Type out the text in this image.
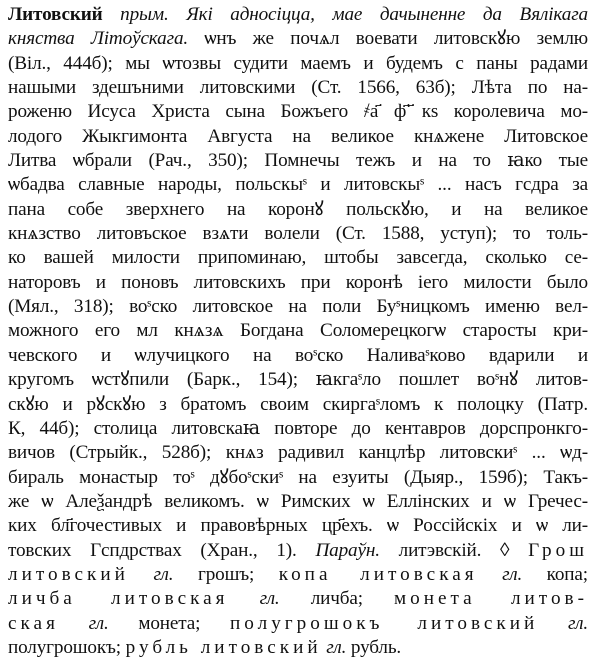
Литовский прым. Які адносіцца, мае дачыненне да Вялікага
княства Літоўскага. ѡнъ же почѧл воевати литовскꙋю землю
(Віл., 444б); мы ѡтозвы судити маемъ и будемъ с паны радами
нашыми здешъними литовскими (Ст. 1566, 63б); Лѣта по на-
роженю Исуса Христа сына Божъего ҂а҃ ф҃ ҃кѕ королевича мо-
лодого Жыкгимонта Августа на великое кнѧжене Литовское
Литва ѡбрали (Рач., 350); Помнечы тежъ и на то ꙗко тые
ѡбадва славные народы, польскыˢ и литовскыˢ ... насъ гсдра за
пана собе зверхнего на коронꙋ польскꙋю, и на великое
кнѧзство литовъское взѧти волели (Ст. 1588, уступ); то толь-
ко вашей милости припоминаю, штобы завсегда, сколько се-
наторовъ и поновъ литовскихъ при коронѣ іего милости было
(Мял., 318); воˢско литовское на поли Буˢницкомъ именю вел-
можного его мл кнѧзѧ Богдана Соломерецкогѡ старосты кри-
чевского и ѡлучицкого на воˢско Наливаˢково вдарили и
кругомъ ѡстꙋпили (Барк., 154); ꙗкгаˢло пошлет воˢнꙋ литов-
скꙋю и рꙋскꙋю з братомъ своим скиргаˢломъ к полоцку (Патр.
К, 44б); столица литовскаꙗ повторе до кентавров дорспронкго-
вичов (Стрыйк., 528б); кнѧз радивил канцлѣр литовскиˢ ... ѡд-
бираль монастыр тоˢ дꙋбоˢскиˢ на езуиты (Дыяр., 159б); Такъ-
же ѡ Алеѯандрѣ великомъ. ѡ Римских ѡ Еллінских и ѡ Гречес-
ких бл҃гочестивых и правовѣрных цр҃ехъ. ѡ Россійскіх и ѡ ли-
товских Гспдрствах (Хран., 1). Параўн. литэвскій. ◊ Грош
литовский гл. грошъ; копа литовская гл. копа;
личба литовская гл. личба; монета литов-
ская гл. монета; полугрошокъ литовский гл.
полугрошокъ; рубль литовский гл. рубль.
